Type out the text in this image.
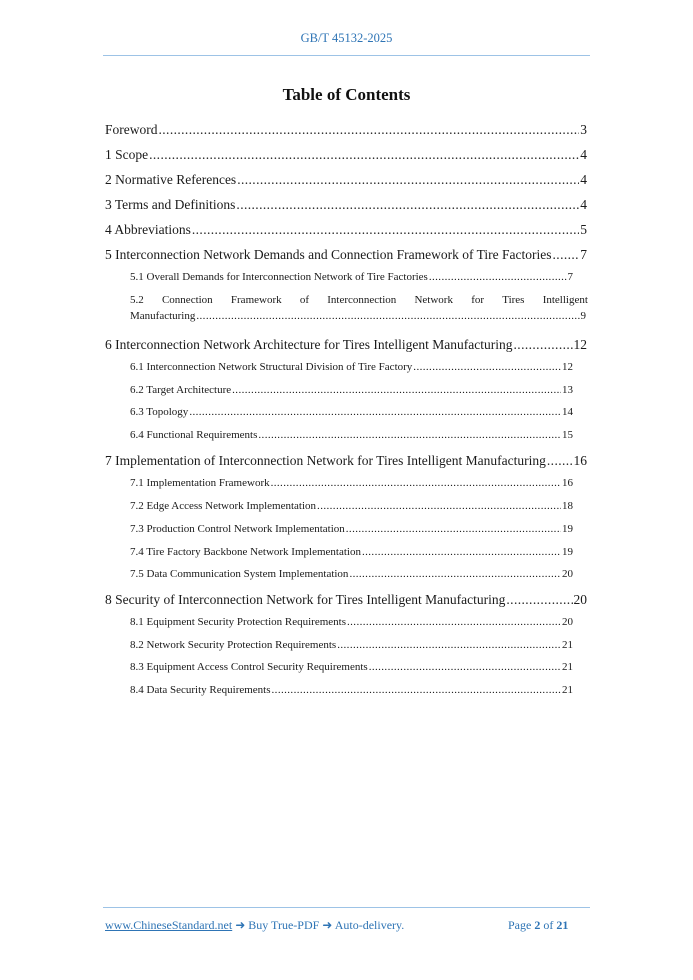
GB/T 45132-2025
Table of Contents
Foreword .....	3
1 Scope .....	4
2 Normative References .....	4
3 Terms and Definitions .....	4
4 Abbreviations .....	5
5 Interconnection Network Demands and Connection Framework of Tire Factories ..... 7
5.1 Overall Demands for Interconnection Network of Tire Factories .....	7
5.2 Connection Framework of Interconnection Network for Tires Intelligent
Manufacturing .....	9
6 Interconnection Network Architecture for Tires Intelligent Manufacturing .....	12
6.1 Interconnection Network Structural Division of Tire Factory .....	12
6.2 Target Architecture .....	13
6.3 Topology .....	14
6.4 Functional Requirements .....	15
7 Implementation of Interconnection Network for Tires Intelligent Manufacturing ..... 16
7.1 Implementation Framework .....	16
7.2 Edge Access Network Implementation .....	18
7.3 Production Control Network Implementation .....	19
7.4 Tire Factory Backbone Network Implementation .....	19
7.5 Data Communication System Implementation .....	20
8 Security of Interconnection Network for Tires Intelligent Manufacturing .....	20
8.1 Equipment Security Protection Requirements .....	20
8.2 Network Security Protection Requirements .....	21
8.3 Equipment Access Control Security Requirements .....	21
8.4 Data Security Requirements .....	21
www.ChineseStandard.net ➜ Buy True-PDF ➜ Auto-delivery.	Page 2 of 21
